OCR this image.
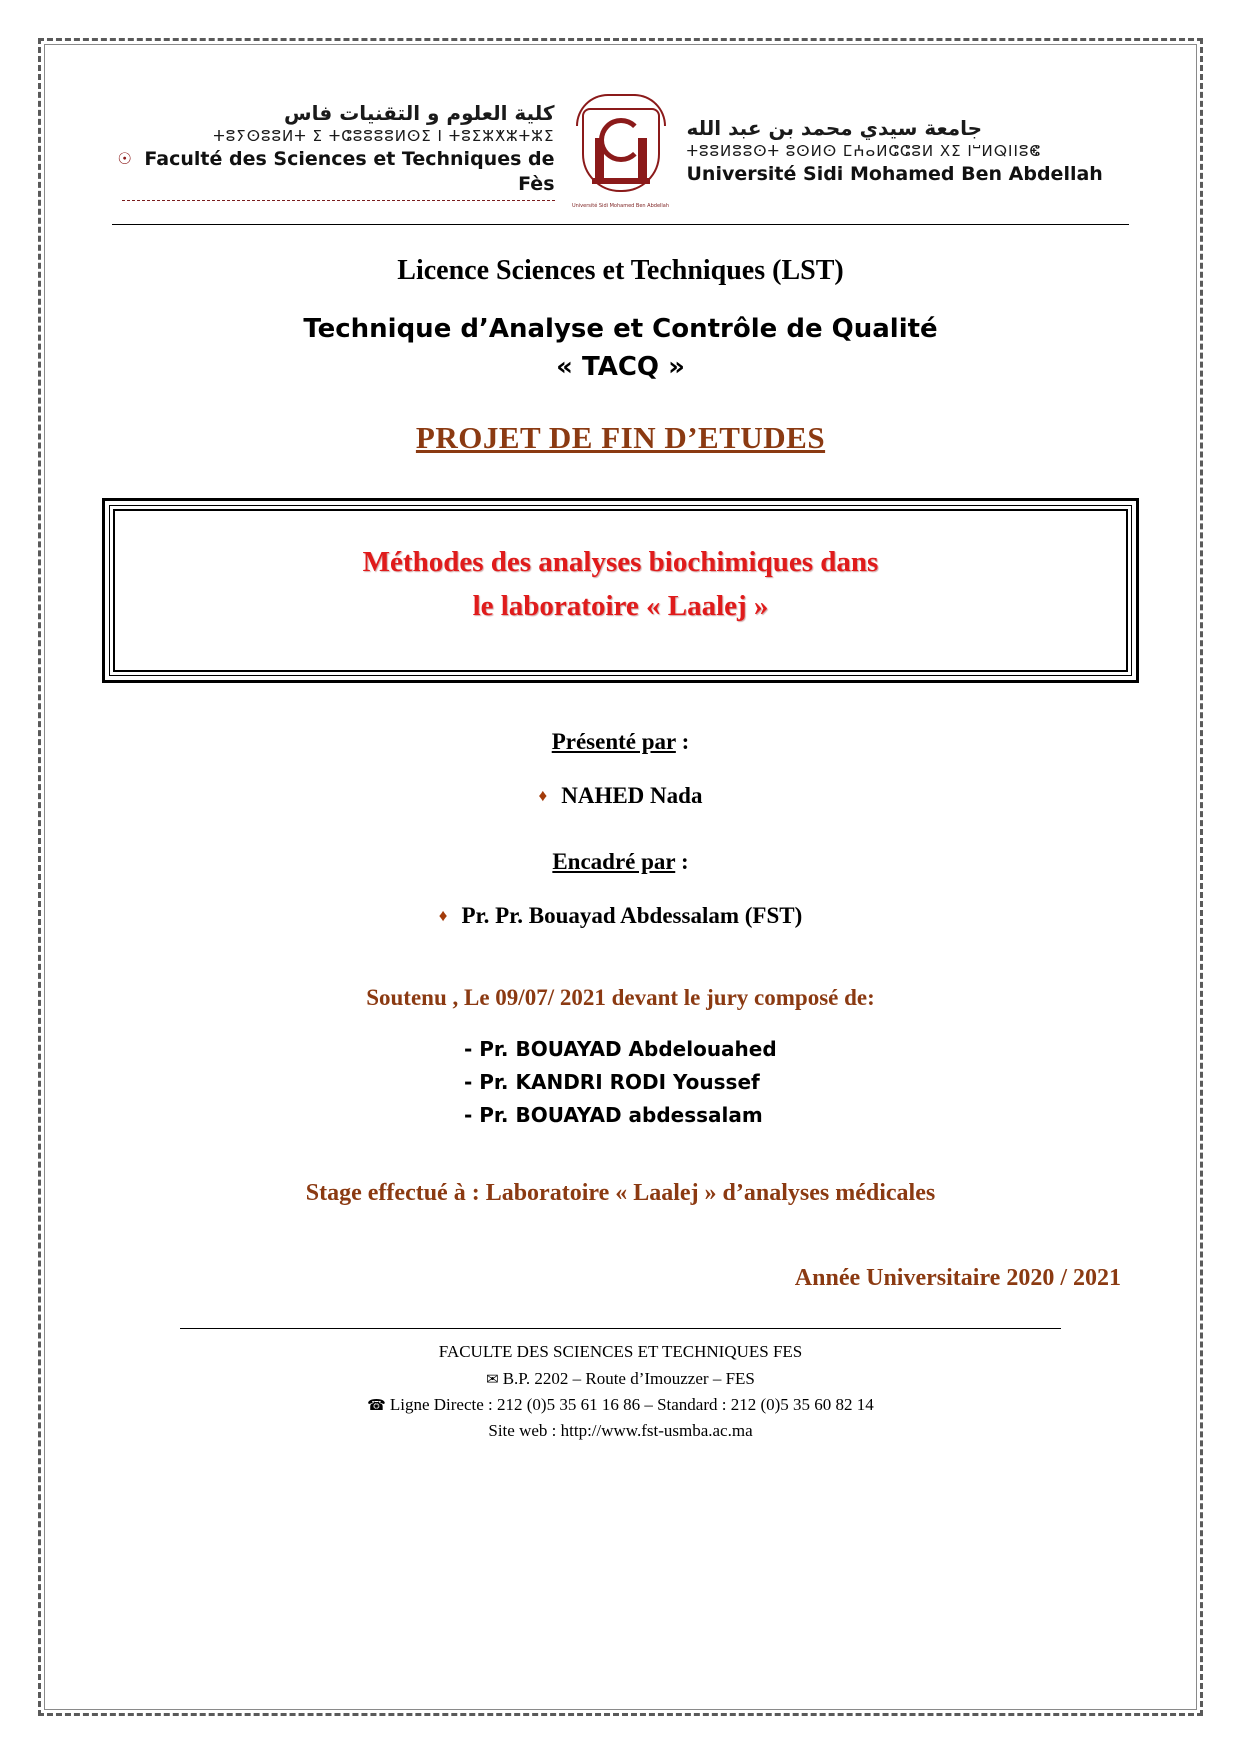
كلية العلوم و التقنيات فاس
ⵜⵓⵢⵙⵓⵓⵍⵜ ⵉ ⵜⵛⵓⵓⵓⵓⵍⵙⵉ ⵏ ⵜⵓⵉⵣⵅⵣⵜⵣⵉ
☉ Faculté des Sciences et Techniques de Fès
Université Sidi Mohamed Ben Abdellah
جامعة سيدي محمد بن عبد الله
ⵜⵓⵓⵍⵓⵓⵙⵜ ⵓⵙⵍⵙ ⵎⵄⴰⵍⵛⵛⵓⵍ ⵝⵉ ⵏⵯⵍⵕⵏⵏⵓⵞ
Université Sidi Mohamed Ben Abdellah
Licence Sciences et Techniques (LST)
Technique d’Analyse et Contrôle de Qualité
« TACQ »
PROJET DE FIN D’ETUDES
Méthodes des analyses biochimiques dans
le laboratoire « Laalej »
Présenté par :
♦ NAHED Nada
Encadré par :
♦ Pr. Pr. Bouayad Abdessalam (FST)
Soutenu , Le 09/07/ 2021 devant le jury composé de:
- Pr. BOUAYAD Abdelouahed
- Pr. KANDRI RODI Youssef
- Pr. BOUAYAD abdessalam
Stage effectué à : Laboratoire « Laalej » d’analyses médicales
Année Universitaire 2020 / 2021
FACULTE DES SCIENCES ET TECHNIQUES FES
✉ B.P. 2202 – Route d’Imouzzer – FES
☎ Ligne Directe : 212 (0)5 35 61 16 86 – Standard : 212 (0)5 35 60 82 14
Site web : http://www.fst-usmba.ac.ma
